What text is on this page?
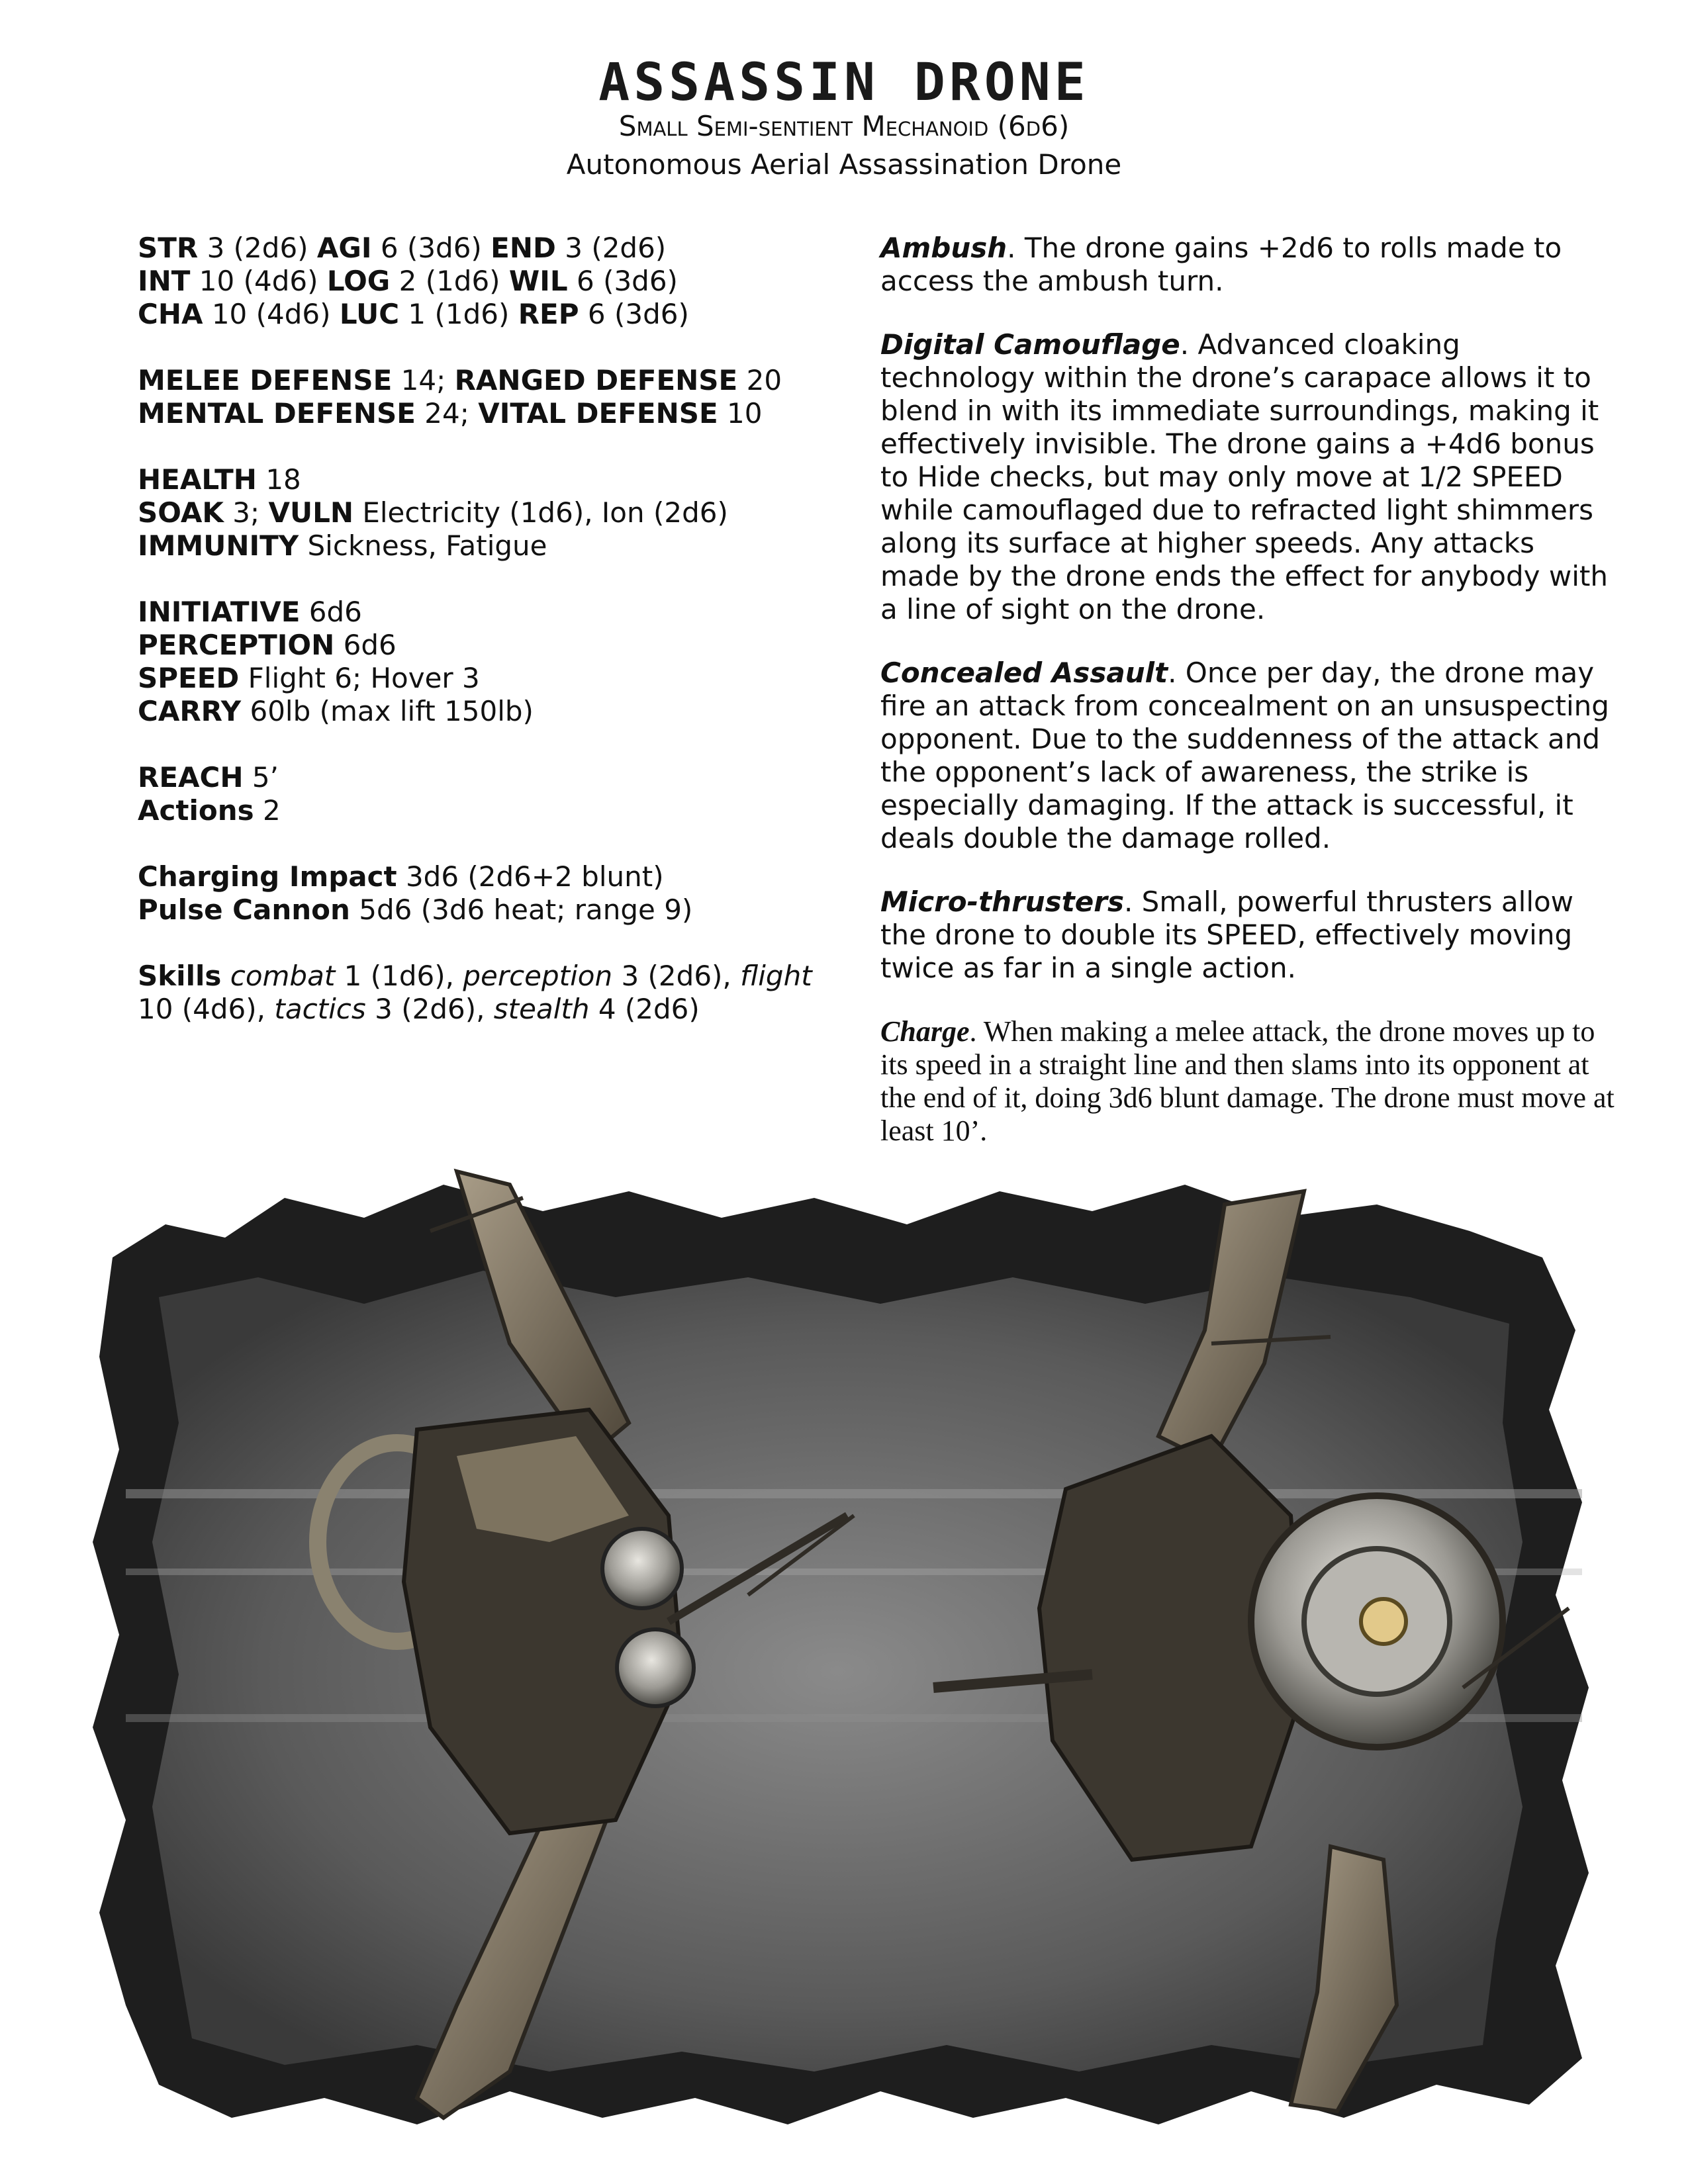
ASSASSIN DRONE
Small Semi-sentient Mechanoid (6d6)
Autonomous Aerial Assassination Drone
STR 3 (2d6) AGI 6 (3d6) END 3 (2d6)
INT 10 (4d6) LOG 2 (1d6) WIL 6 (3d6)
CHA 10 (4d6) LUC 1 (1d6) REP 6 (3d6)
MELEE DEFENSE 14; RANGED DEFENSE 20
MENTAL DEFENSE 24; VITAL DEFENSE 10
HEALTH 18
SOAK 3; VULN Electricity (1d6), Ion (2d6)
IMMUNITY Sickness, Fatigue
INITIATIVE 6d6
PERCEPTION 6d6
SPEED Flight 6; Hover 3
CARRY 60lb (max lift 150lb)
REACH 5’
Actions 2
Charging Impact 3d6 (2d6+2 blunt)
Pulse Cannon 5d6 (3d6 heat; range 9)
Skills combat 1 (1d6), perception 3 (2d6), flight 10 (4d6), tactics 3 (2d6), stealth 4 (2d6)
Ambush. The drone gains +2d6 to rolls made to access the ambush turn.
Digital Camouflage. Advanced cloaking technology within the drone’s carapace allows it to blend in with its immediate surroundings, making it effectively invisible. The drone gains a +4d6 bonus to Hide checks, but may only move at 1/2 SPEED while camouflaged due to refracted light shimmers along its surface at higher speeds. Any attacks made by the drone ends the effect for anybody with a line of sight on the drone.
Concealed Assault. Once per day, the drone may fire an attack from concealment on an unsuspecting opponent. Due to the suddenness of the attack and the opponent’s lack of awareness, the strike is especially damaging. If the attack is successful, it deals double the damage rolled.
Micro-thrusters. Small, powerful thrusters allow the drone to double its SPEED, effectively moving twice as far in a single action.
Charge. When making a melee attack, the drone moves up to its speed in a straight line and then slams into its opponent at the end of it, doing 3d6 blunt damage. The drone must move at least 10’.
